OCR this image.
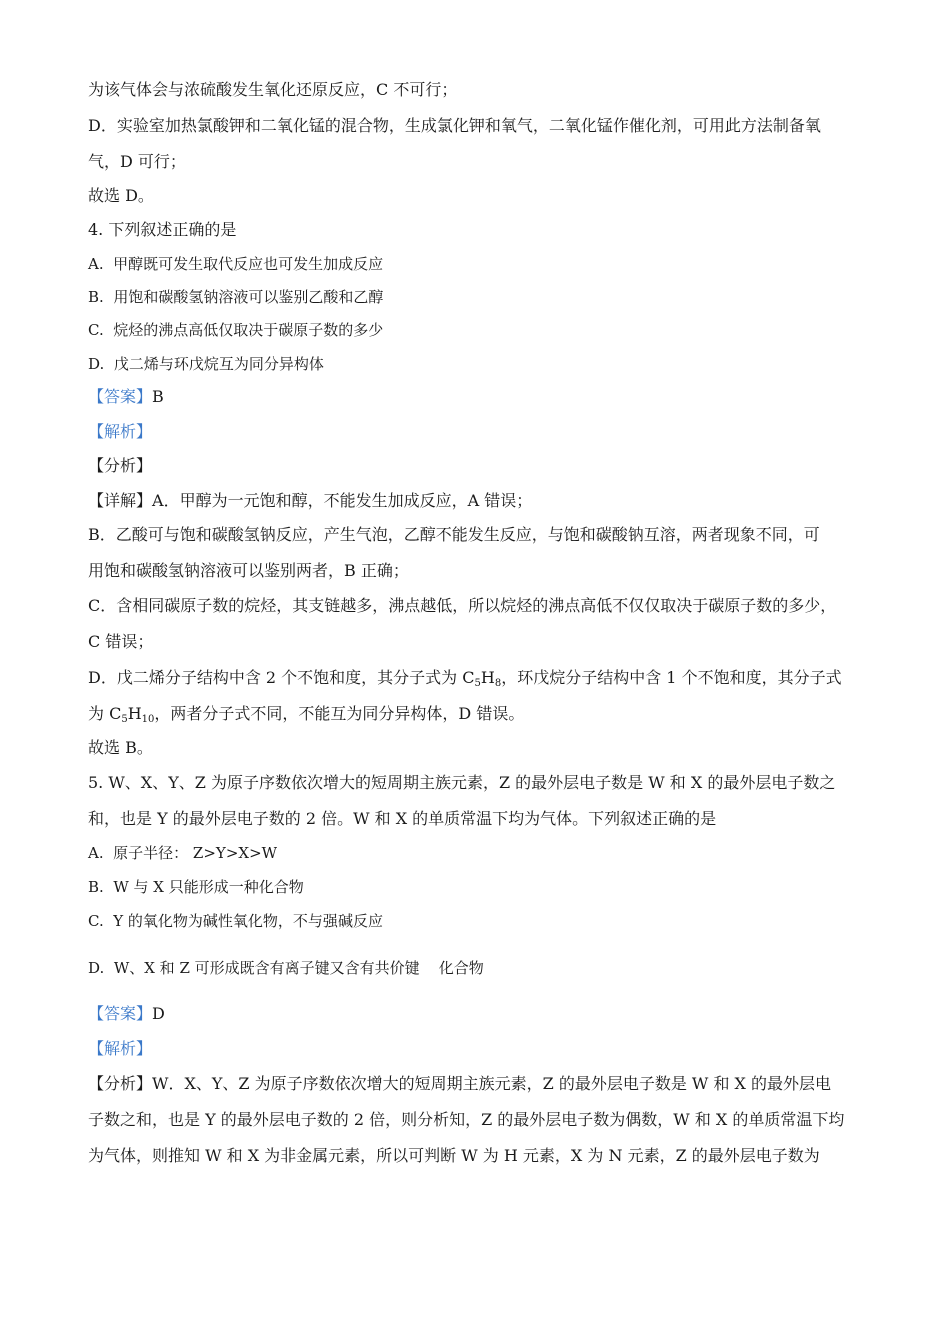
为该气体会与浓硫酸发生氧化还原反应，C 不可行；
D．实验室加热氯酸钾和二氧化锰的混合物，生成氯化钾和氧气，二氧化锰作催化剂，可用此方法制备氧
气，D 可行；
故选 D。
4. 下列叙述正确的是
A. 甲醇既可发生取代反应也可发生加成反应
B. 用饱和碳酸氢钠溶液可以鉴别乙酸和乙醇
C. 烷烃的沸点高低仅取决于碳原子数的多少
D. 戊二烯与环戊烷互为同分异构体
【答案】B
【解析】
【分析】
【详解】A．甲醇为一元饱和醇，不能发生加成反应，A 错误；
B．乙酸可与饱和碳酸氢钠反应，产生气泡，乙醇不能发生反应，与饱和碳酸钠互溶，两者现象不同，可
用饱和碳酸氢钠溶液可以鉴别两者，B 正确；
C．含相同碳原子数的烷烃，其支链越多，沸点越低，所以烷烃的沸点高低不仅仅取决于碳原子数的多少，
C 错误；
D．戊二烯分子结构中含 2 个不饱和度，其分子式为 $C_5H_8$，环戊烷分子结构中含 1 个不饱和度，其分子式
为 $C_5H_{10}$，两者分子式不同，不能互为同分异构体，D 错误。
故选 B。
5. W、X、Y、Z 为原子序数依次增大的短周期主族元素，Z 的最外层电子数是 W 和 X 的最外层电子数之
和，也是 Y 的最外层电子数的 2 倍。W 和 X 的单质常温下均为气体。下列叙述正确的是
A. 原子半径： Z>Y>X>W
B. W 与 X 只能形成一种化合物
C. Y 的氧化物为碱性氧化物，不与强碱反应
D. W、X 和 Z 可形成既含有离子键又含有共价键    化合物
【答案】D
【解析】
【分析】W．X、Y、Z 为原子序数依次增大的短周期主族元素，Z 的最外层电子数是 W 和 X 的最外层电
子数之和，也是 Y 的最外层电子数的 2 倍，则分析知，Z 的最外层电子数为偶数，W 和 X 的单质常温下均
为气体，则推知 W 和 X 为非金属元素，所以可判断 W 为 H 元素，X 为 N 元素，Z 的最外层电子数为
